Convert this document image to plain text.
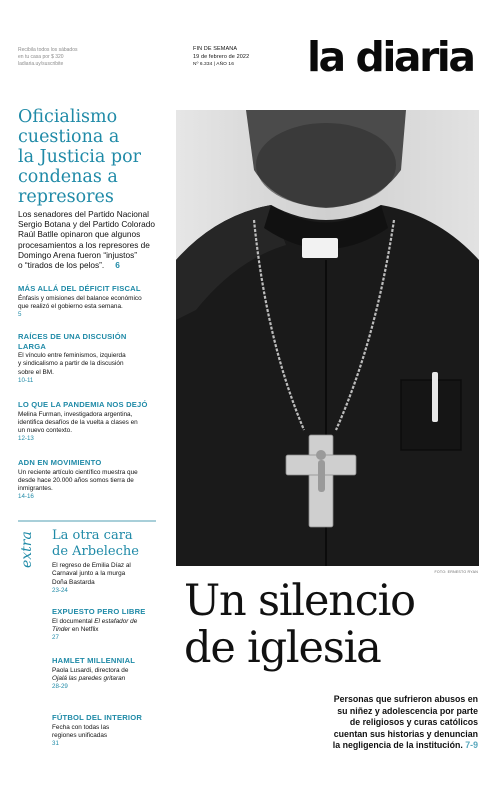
Recibila todos los sábados
en tu casa por $ 320
ladiaria.uy/suscribite
FIN DE SEMANA
19 de febrero de 2022
Nº 6.334 | AÑO 16	la diaria
Oficialismo
cuestiona a
la Justicia por
condenas a
represores
Los senadores del Partido Nacional
Sergio Botana y del Partido Colorado
Raúl Batlle opinaron que algunos
procesamientos a los represores de
Domingo Arena fueron “injustos”
o “tirados de los pelos”. 6
MÁS ALLÁ DEL DÉFICIT FISCAL
Énfasis y omisiones del balance económico
que realizó el gobierno esta semana.
5
RAÍCES DE UNA DISCUSIÓN
LARGA
El vínculo entre feminismos, izquierda
y sindicalismo a partir de la discusión
sobre el BM.
10-11
LO QUE LA PANDEMIA NOS DEJÓ
Melina Furman, investigadora argentina,
identifica desafíos de la vuelta a clases en
un nuevo contexto.
12-13
ADN EN MOVIMIENTO
Un reciente artículo científico muestra que
desde hace 20.000 años somos tierra de
inmigrantes.
14-16
extra La otra cara
de Arbeleche
El regreso de Emilia Díaz al
Carnaval junto a la murga
Doña Bastarda
23-24
EXPUESTO PERO LIBRE
El documental El estafador de
Tinder en Netflix
27
HAMLET MILLENNIAL
Paola Lusardi, directora de
Ojalá las paredes gritaran
28-29
FÚTBOL DEL INTERIOR
Fecha con todas las
regiones unificadas
31
FOTO: ERNESTO RYAN
Un silencio
de iglesia
Personas que sufrieron abusos en
su niñez y adolescencia por parte
de religiosos y curas católicos
cuentan sus historias y denuncian
la negligencia de la institución. 7-9
